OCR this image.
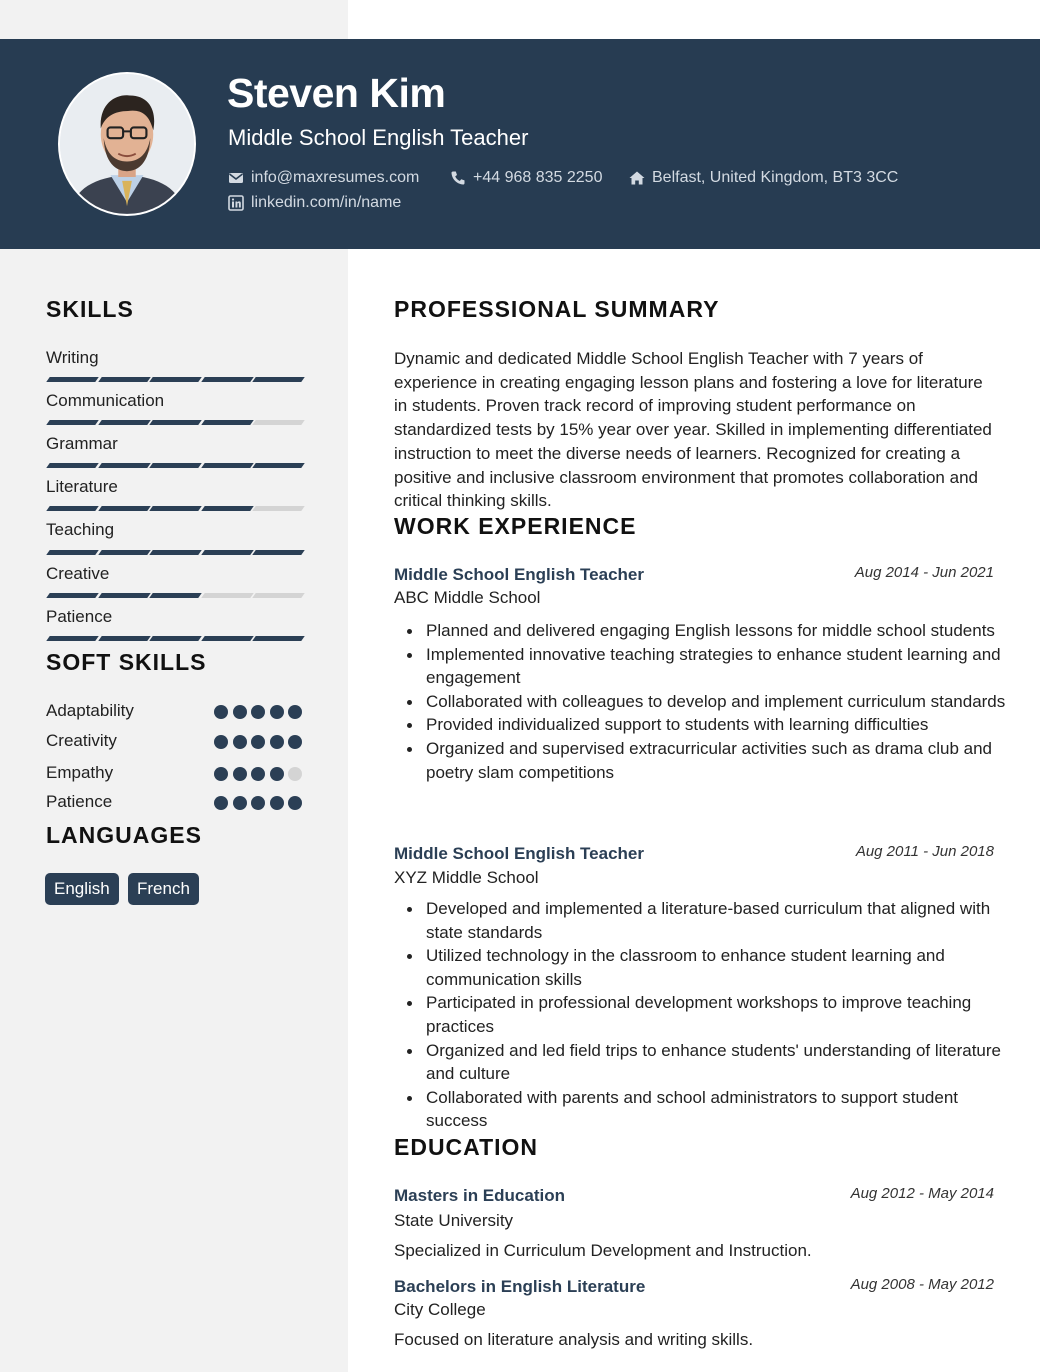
Steven Kim
Middle School English Teacher
info@maxresumes.com	+44 968 835 2250	Belfast, United Kingdom, BT3 3CC
linkedin.com/in/name
SKILLS
Writing
Communication
Grammar
Literature
Teaching
Creative
Patience
SOFT SKILLS
Adaptability
Creativity
Empathy
Patience
LANGUAGES
English	French
PROFESSIONAL SUMMARY
Dynamic and dedicated Middle School English Teacher with 7 years of experience in creating engaging lesson plans and fostering a love for literature in students. Proven track record of improving student performance on standardized tests by 15% year over year. Skilled in implementing differentiated instruction to meet the diverse needs of learners. Recognized for creating a positive and inclusive classroom environment that promotes collaboration and critical thinking skills.
WORK EXPERIENCE
Middle School English Teacher	Aug 2014 - Jun 2021
ABC Middle School
Planned and delivered engaging English lessons for middle school students
Implemented innovative teaching strategies to enhance student learning and engagement
Collaborated with colleagues to develop and implement curriculum standards
Provided individualized support to students with learning difficulties
Organized and supervised extracurricular activities such as drama club and poetry slam competitions
Middle School English Teacher	Aug 2011 - Jun 2018
XYZ Middle School
Developed and implemented a literature-based curriculum that aligned with state standards
Utilized technology in the classroom to enhance student learning and communication skills
Participated in professional development workshops to improve teaching practices
Organized and led field trips to enhance students' understanding of literature and culture
Collaborated with parents and school administrators to support student success
EDUCATION
Masters in Education	Aug 2012 - May 2014
State University
Specialized in Curriculum Development and Instruction.
Bachelors in English Literature	Aug 2008 - May 2012
City College
Focused on literature analysis and writing skills.
